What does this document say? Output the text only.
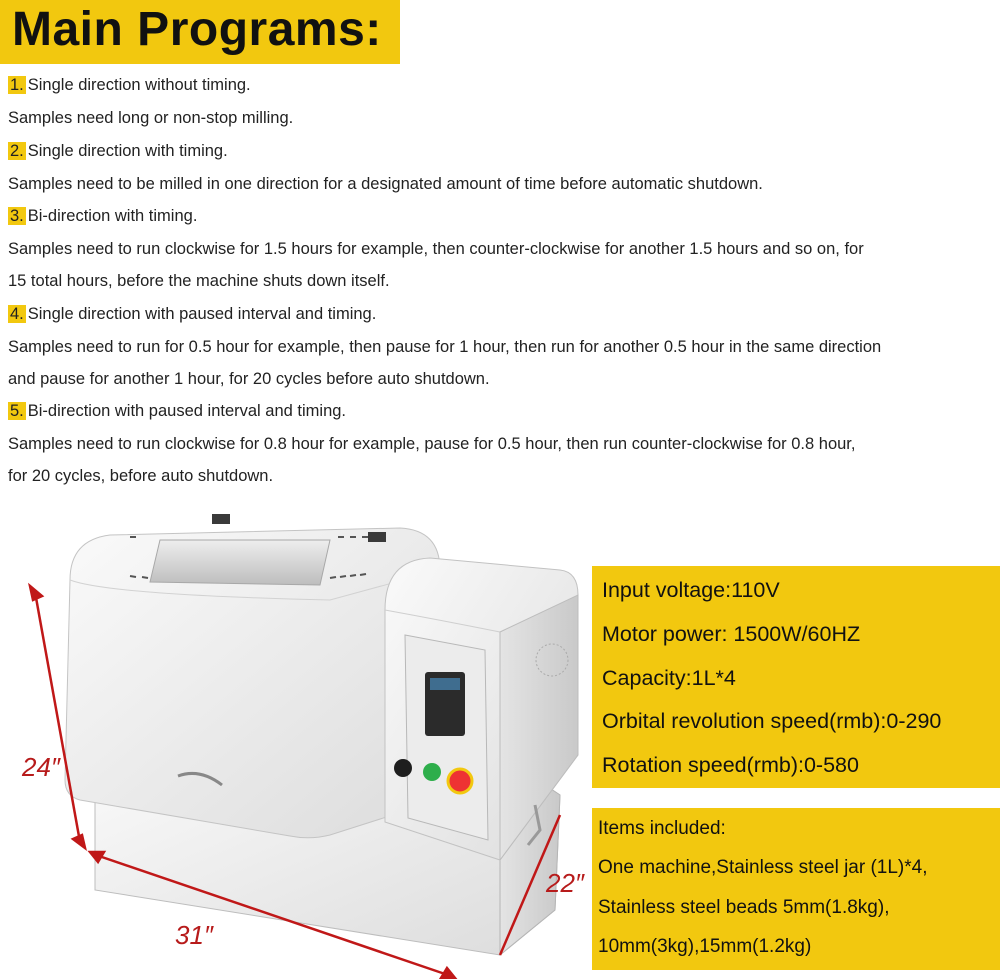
Main Programs:
1. Single direction without timing.
Samples need long or non-stop milling.
2. Single direction with timing.
Samples need to be milled in one direction for a designated amount of time before automatic shutdown.
3. Bi-direction with timing.
Samples need to run clockwise for 1.5 hours for example, then counter-clockwise for another 1.5 hours and so on, for
15 total hours, before the machine shuts down itself.
4. Single direction with paused interval and timing.
Samples need to run for 0.5 hour for example, then pause for 1 hour, then run for another 0.5 hour in the same direction
and pause for another 1 hour, for 20 cycles before auto shutdown.
5. Bi-direction with paused interval and timing.
Samples need to run clockwise for 0.8 hour for example, pause for 0.5 hour, then run counter-clockwise for 0.8 hour,
for 20 cycles, before auto shutdown.
24″
31″
22″
Input voltage:110V
Motor power: 1500W/60HZ
Capacity:1L*4
Orbital revolution speed(rmb):0-290
Rotation speed(rmb):0-580
Items included:
One machine,Stainless steel jar (1L)*4,
Stainless steel beads 5mm(1.8kg),
10mm(3kg),15mm(1.2kg)
